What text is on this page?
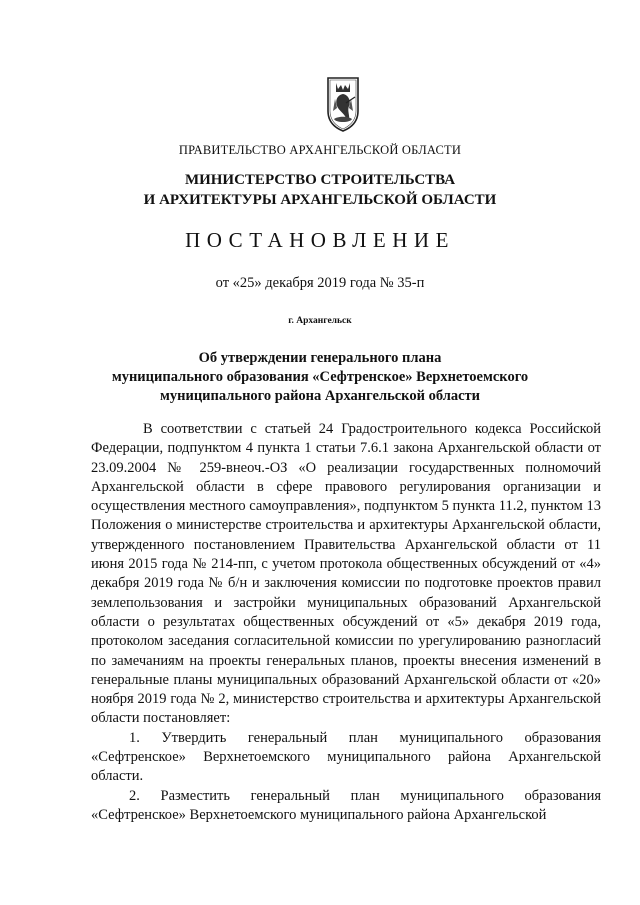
ПРАВИТЕЛЬСТВО АРХАНГЕЛЬСКОЙ ОБЛАСТИ
МИНИСТЕРСТВО СТРОИТЕЛЬСТВА
И АРХИТЕКТУРЫ АРХАНГЕЛЬСКОЙ ОБЛАСТИ
ПОСТАНОВЛЕНИЕ
от «25» декабря 2019 года № 35-п
г. Архангельск
Об утверждении генерального плана
муниципального образования «Сефтренское» Верхнетоемского
муниципального района Архангельской области

В соответствии с статьей 24 Градостроительного кодекса Российской Федерации, подпунктом 4 пункта 1 статьи 7.6.1 закона Архангельской области от 23.09.2004 № 259-внеоч.-ОЗ «О реализации государственных полномочий Архангельской области в сфере правового регулирования организации и осуществления местного самоуправления», подпунктом 5 пункта 11.2, пунктом 13 Положения о министерстве строительства и архитектуры Архангельской области, утвержденного постановлением Правительства Архангельской области от 11 июня 2015 года № 214-пп, с учетом протокола общественных обсуждений от «4» декабря 2019 года № б/н и заключения комиссии по подготовке проектов правил землепользования и застройки муниципальных образований Архангельской области о результатах общественных обсуждений от «5» декабря 2019 года, протоколом заседания согласительной комиссии по урегулированию разногласий по замечаниям на проекты генеральных планов, проекты внесения изменений в генеральные планы муниципальных образований Архангельской области от «20» ноября 2019 года № 2, министерство строительства и архитектуры Архангельской области постановляет:

1. Утвердить генеральный план муниципального образования «Сефтренское» Верхнетоемского муниципального района Архангельской области.

2. Разместить генеральный план муниципального образования «Сефтренское» Верхнетоемского муниципального района Архангельской
